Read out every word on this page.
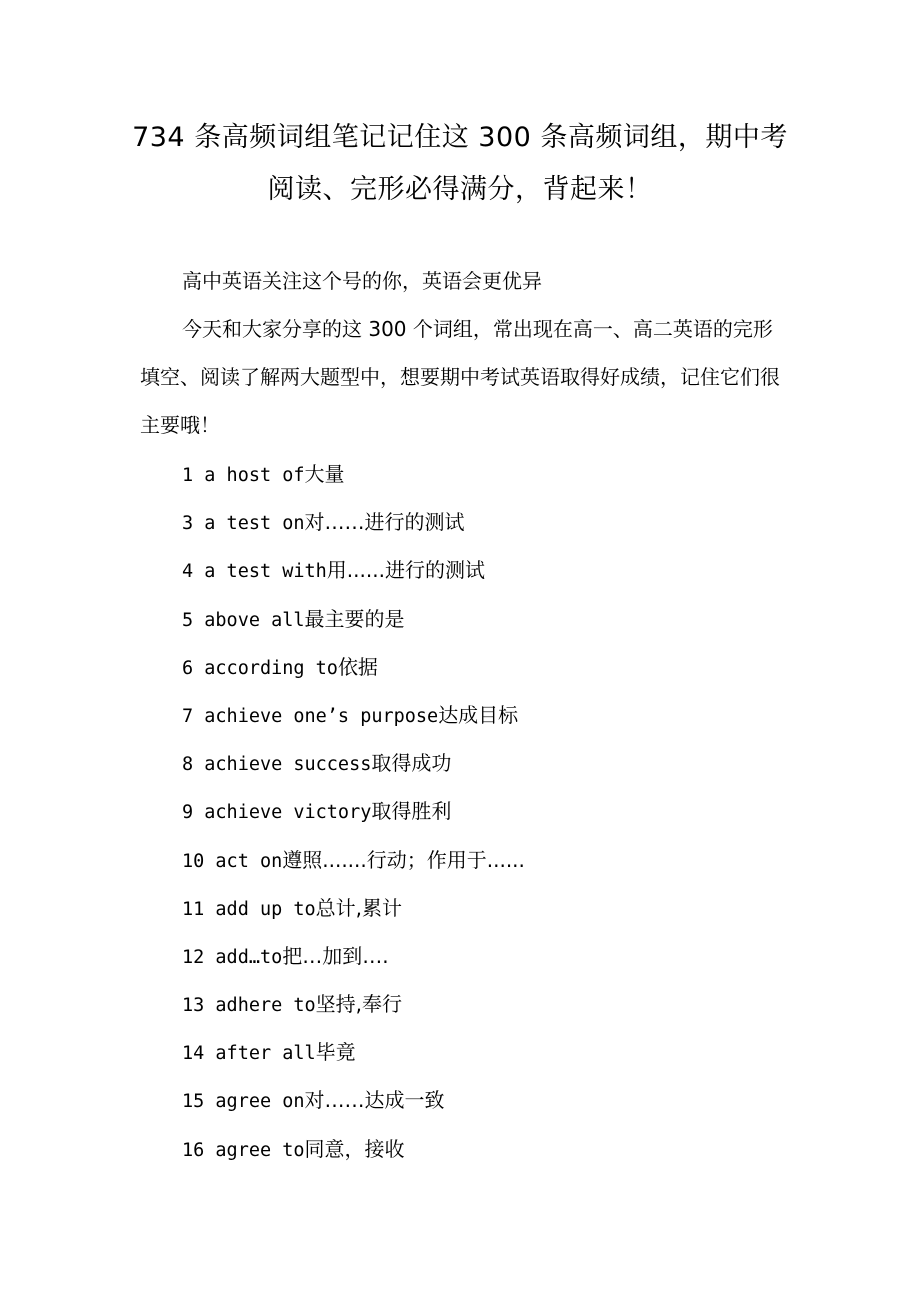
734 条高频词组笔记记住这 300 条高频词组，期中考
阅读、完形必得满分，背起来！

高中英语关注这个号的你，英语会更优异

今天和大家分享的这 300 个词组，常出现在高一、高二英语的完形填空、阅读了解两大题型中，想要期中考试英语取得好成绩，记住它们很主要哦！

1 a host of大量
3 a test on对……进行的测试
4 a test with用......进行的测试
5 above all最主要的是
6 according to依据
7 achieve one’s purpose达成目标
8 achieve success取得成功
9 achieve victory取得胜利
10 act on遵照.......行动；作用于......
11 add up to总计,累计
12 add…to把…加到….
13 adhere to坚持,奉行
14 after all毕竟
15 agree on对……达成一致
16 agree to同意，接收
